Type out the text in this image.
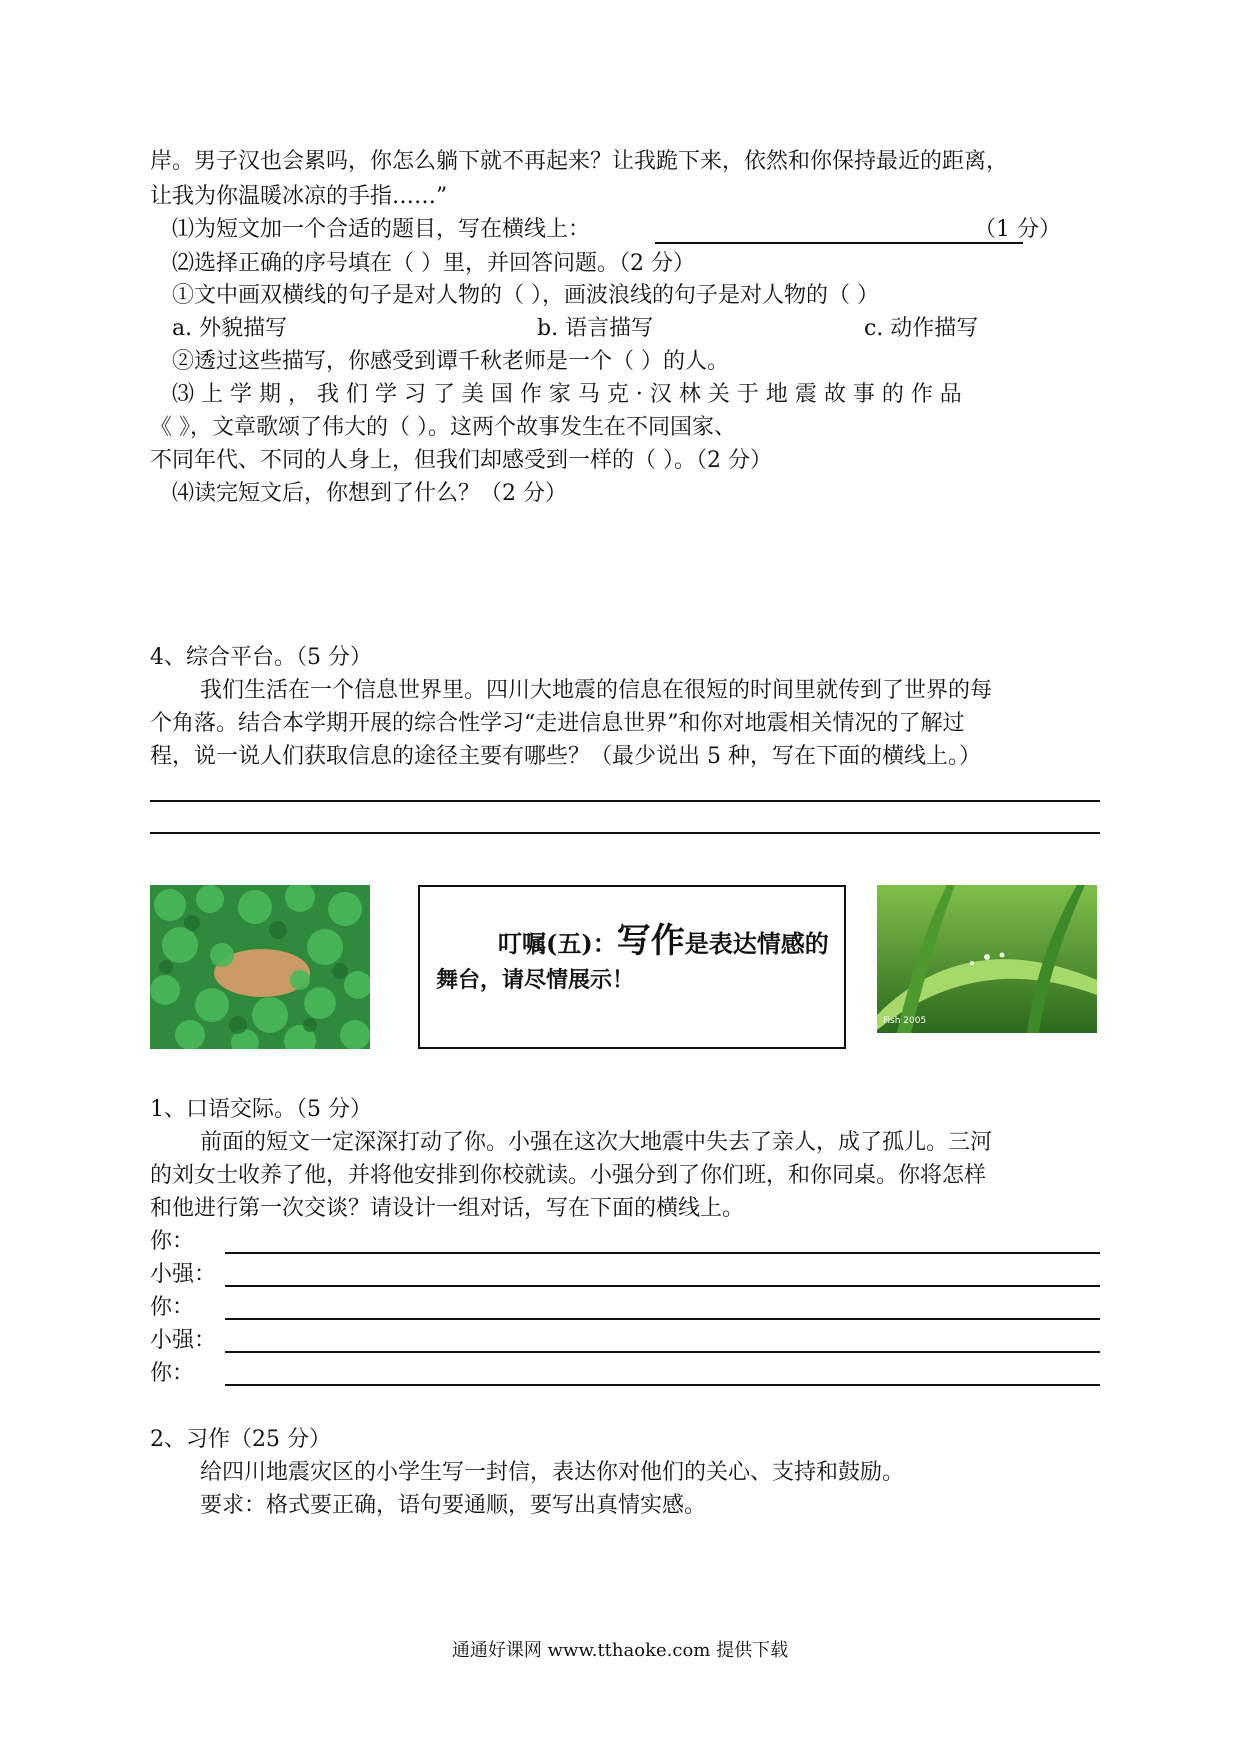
岸。男子汉也会累吗，你怎么躺下就不再起来？让我跪下来，依然和你保持最近的距离，
让我为你温暖冰凉的手指……”
⑴为短文加一个合适的题目，写在横线上：	（1 分）
⑵选择正确的序号填在（ ）里，并回答问题。（2 分）
①文中画双横线的句子是对人物的（ ），画波浪线的句子是对人物的（ ）
a. 外貌描写	b. 语言描写	c. 动作描写
②透过这些描写，你感受到谭千秋老师是一个（ ）的人。
⑶ 上 学 期 ， 我 们 学 习 了 美 国 作 家 马 克 · 汉 林 关 于 地 震 故 事 的 作 品
《 》，文章歌颂了伟大的（ ）。这两个故事发生在不同国家、
不同年代、不同的人身上，但我们却感受到一样的（ ）。（2 分）
⑷读完短文后，你想到了什么？（2 分）
4、综合平台。（5 分）
我们生活在一个信息世界里。四川大地震的信息在很短的时间里就传到了世界的每
个角落。结合本学期开展的综合性学习“走进信息世界”和你对地震相关情况的了解过
程，说一说人们获取信息的途径主要有哪些？（最少说出 5 种，写在下面的横线上。）
叮嘱(五)：写作是表达情感的
舞台，请尽情展示！
Fish 2005
1、口语交际。（5 分）
前面的短文一定深深打动了你。小强在这次大地震中失去了亲人，成了孤儿。三河
的刘女士收养了他，并将他安排到你校就读。小强分到了你们班，和你同桌。你将怎样
和他进行第一次交谈？请设计一组对话，写在下面的横线上。
你：
小强：
你：
小强：
你：
2、习作（25 分）
给四川地震灾区的小学生写一封信，表达你对他们的关心、支持和鼓励。
要求：格式要正确，语句要通顺，要写出真情实感。
通通好课网 www.tthaoke.com 提供下载
